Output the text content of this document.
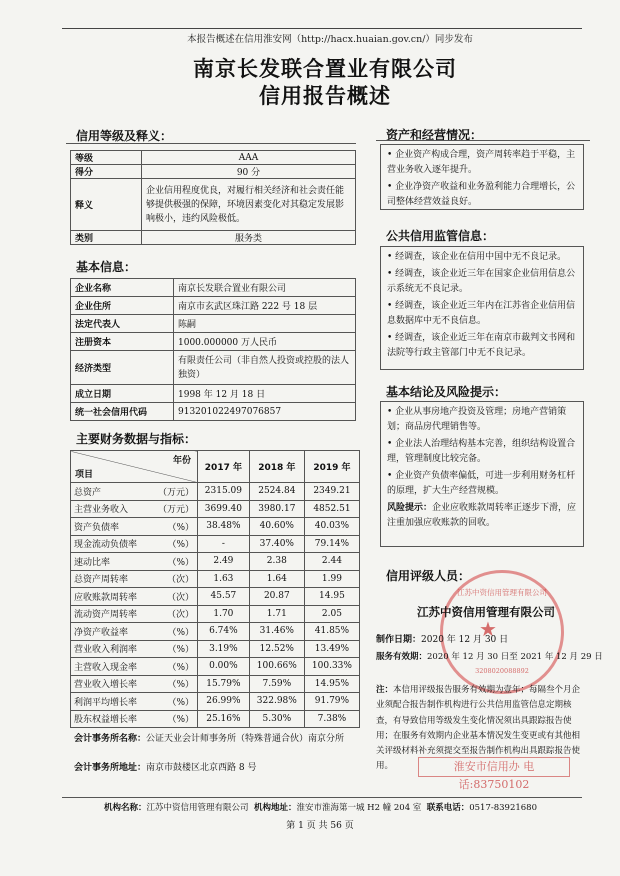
本报告概述在信用淮安网（http://hacx.huaian.gov.cn/）同步发布
南京长发联合置业有限公司
信用报告概述
信用等级及释义：
等级	AAA
得分	90 分
释义	企业信用程度优良，对履行相关经济和社会责任能够提供极强的保障，环境因素变化对其稳定发展影响极小，违约风险极低。
类别	服务类
基本信息：
企业名称	南京长发联合置业有限公司
企业住所	南京市玄武区珠江路 222 号 18 层
法定代表人	陈嗣
注册资本	1000.000000 万人民币
经济类型	有限责任公司（非自然人投资或控股的法人独资）
成立日期	1998 年 12 月 18 日
统一社会信用代码	91320102249707​6857
主要财务数据与指标：
年份
项目	2017 年	2018 年	2019 年
总资产 （万元）	2315.09	2524.84	2349.21
主营业务收入 （万元）	3699.40	3980.17	4852.51
资产负债率 （%）	38.48%	40.60%	40.03%
现金流动负债率 （%）	-	37.40%	79.14%
速动比率 （%）	2.49	2.38	2.44
总资产周转率 （次）	1.63	1.64	1.99
应收账款周转率 （次）	45.57	20.87	14.95
流动资产周转率 （次）	1.70	1.71	2.05
净资产收益率 （%）	6.74%	31.46%	41.85%
营业收入利润率 （%）	3.19%	12.52%	13.49%
主营收入现金率 （%）	0.00%	100.66%	100.33%
营业收入增长率 （%）	15.79%	7.59%	14.95%
利润平均增长率 （%）	26.99%	322.98%	91.79%
股东权益增长率 （%）	25.16%	5.30%	7.38%
会计事务所名称：公证天业会计师事务所（特殊普通合伙）南京分所
会计事务所地址：南京市鼓楼区北京西路 8 号
资产和经营情况：

• 企业资产构成合理，资产周转率趋于平稳，主营业务收入逐年提升。

• 企业净资产收益和业务盈利能力合理增长，公司整体经营效益良好。

公共信用监管信息：

• 经调查，该企业在信用中国中无不良记录。

• 经调查，该企业近三年在国家企业信用信息公示系统无不良记录。

• 经调查，该企业近三年内在江苏省企业信用信息数据库中无不良信息。

• 经调查，该企业近三年在南京市裁判文书网和法院等行政主管部门中无不良记录。

基本结论及风险提示：

• 企业从事房地产投资及管理；房地产营销策划；商品房代理销售等。

• 企业法人治理结构基本完善，组织结构设置合理，管理制度比较完备。

• 企业资产负债率偏低，可进一步利用财务杠杆的原理，扩大生产经营规模。

风险提示：企业应收账款周转率正逐步下滑，应注重加强应收账款的回收。

信用评级人员：
江苏中资信用管理有限公司
★
3208020088892
江苏中资信用管理有限公司
制作日期：2020 年 12 月 30 日
服务有效期：2020 年 12 月 30 日至 2021 年 12 月 29 日
注：本信用评级报告服务有效期为壹年；每隔叁个月企业须配合报告制作机构进行公共信用监管信息定期核查，有导致信用等级发生变化情况须出具跟踪报告使用；在服务有效期内企业基本情况发生变更或有其他相关评级材料补充须提交至报告制作机构出具跟踪报告使用。	淮安市信用办 电话:83750102
机构名称：江苏中资信用管理有限公司 机构地址：淮安市淮海第一城 H2 幢 204 室 联系电话：0517-83921680
第 1 页 共 56 页
